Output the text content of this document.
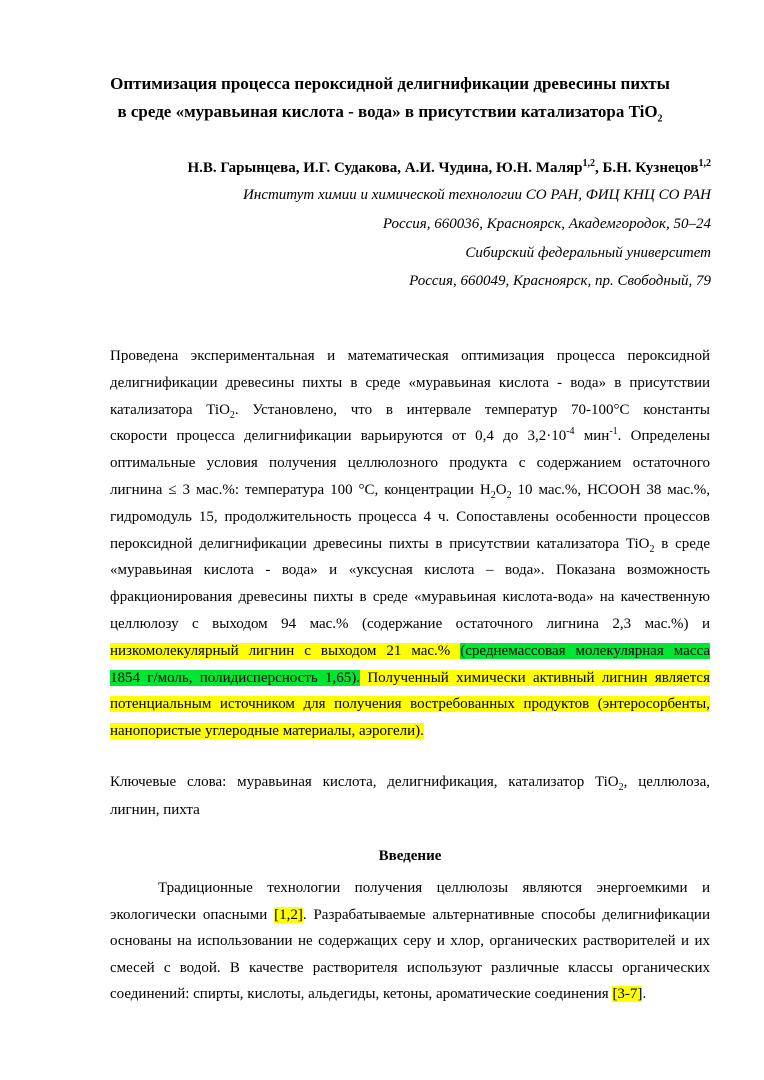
Оптимизация процесса пероксидной делигнификации древесины пихты
в среде «муравьиная кислота - вода» в присутствии катализатора TiO$_2$
Н.В. Гарынцева, И.Г. Судакова, А.И. Чудина, Ю.Н. Маляр$^{1,2}$, Б.Н. Кузнецов$^{1,2}$
Институт химии и химической технологии СО РАН, ФИЦ КНЦ СО РАН
Россия, 660036, Красноярск, Академгородок, 50–24
Сибирский федеральный университет
Россия, 660049, Красноярск, пр. Свободный, 79
Проведена экспериментальная и математическая оптимизация процесса пероксидной
делигнификации древесины пихты в среде «муравьиная кислота - вода» в присутствии
катализатора TiO$_2$. Установлено, что в интервале температур 70-100°С константы
скорости процесса делигнификации варьируются от 0,4 до $3,2\cdot 10^{-4}$ мин$^{-1}$. Определены
оптимальные условия получения целлюлозного продукта с содержанием остаточного
лигнина ≤ 3 мас.%: температура 100 °С, концентрации $H_2O_2$ 10 мас.%, HCOOH 38 мас.%,
гидромодуль 15, продолжительность процесса 4 ч. Сопоставлены особенности процессов
пероксидной делигнификации древесины пихты в присутствии катализатора TiO$_2$ в среде
«муравьиная кислота - вода» и «уксусная кислота – вода». Показана возможность
фракционирования древесины пихты в среде «муравьиная кислота-вода» на качественную
целлюлозу с выходом 94 мас.% (содержание остаточного лигнина 2,3 мас.%) и
низкомолекулярный лигнин с выходом 21 мас.% (среднемассовая молекулярная масса
1854 г/моль, полидисперсность 1,65). Полученный химически активный лигнин является
потенциальным источником для получения востребованных продуктов (энтеросорбенты,
нанопористые углеродные материалы, аэрогели).
Ключевые слова: муравьиная кислота, делигнификация, катализатор TiO$_2$, целлюлоза,
лигнин, пихта
Введение
Традиционные технологии получения целлюлозы являются энергоемкими и
экологически опасными [1,2]. Разрабатываемые альтернативные способы делигнификации
основаны на использовании не содержащих серу и хлор, органических растворителей и их
смесей с водой. В качестве растворителя используют различные классы органических
соединений: спирты, кислоты, альдегиды, кетоны, ароматические соединения [3-7].
